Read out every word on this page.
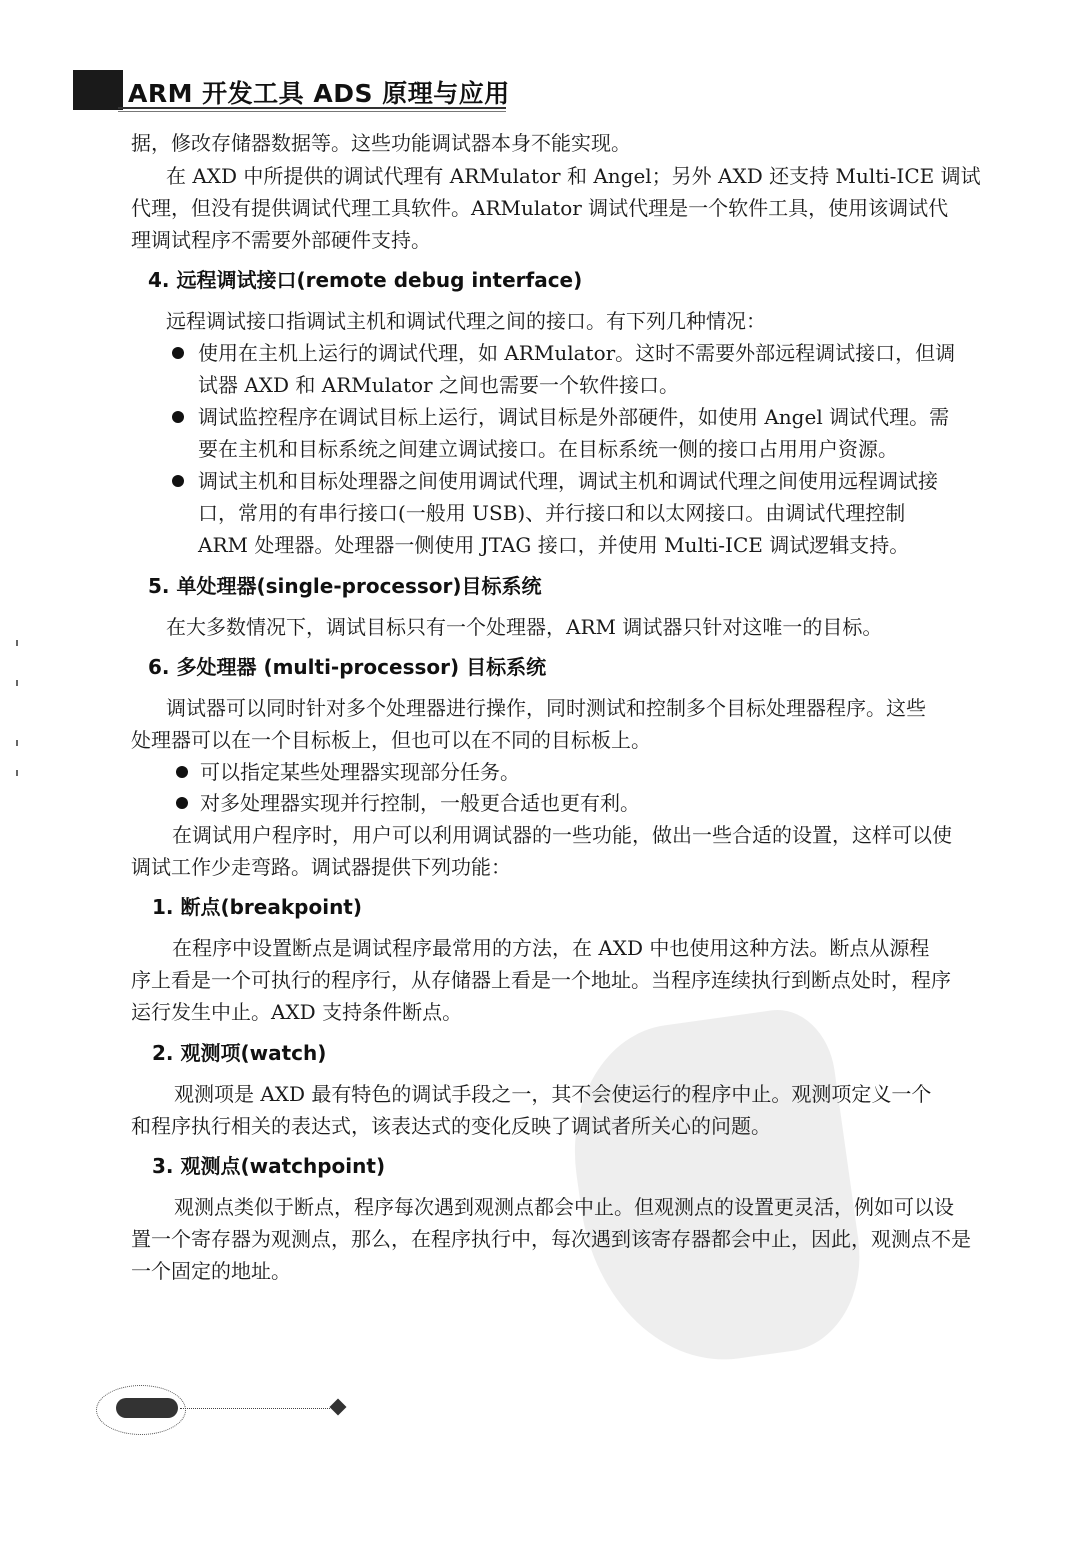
ARM 开发工具 ADS 原理与应用
据，修改存储器数据等。这些功能调试器本身不能实现。
在 AXD 中所提供的调试代理有 ARMulator 和 Angel；另外 AXD 还支持 Multi-ICE 调试
代理，但没有提供调试代理工具软件。ARMulator 调试代理是一个软件工具，使用该调试代
理调试程序不需要外部硬件支持。
4. 远程调试接口(remote debug interface)
远程调试接口指调试主机和调试代理之间的接口。有下列几种情况：
使用在主机上运行的调试代理，如 ARMulator。这时不需要外部远程调试接口，但调
试器 AXD 和 ARMulator 之间也需要一个软件接口。
调试监控程序在调试目标上运行，调试目标是外部硬件，如使用 Angel 调试代理。需
要在主机和目标系统之间建立调试接口。在目标系统一侧的接口占用用户资源。
调试主机和目标处理器之间使用调试代理，调试主机和调试代理之间使用远程调试接
口，常用的有串行接口(一般用 USB)、并行接口和以太网接口。由调试代理控制
ARM 处理器。处理器一侧使用 JTAG 接口，并使用 Multi-ICE 调试逻辑支持。
5. 单处理器(single-processor)目标系统
在大多数情况下，调试目标只有一个处理器，ARM 调试器只针对这唯一的目标。
6. 多处理器 (multi-processor) 目标系统
调试器可以同时针对多个处理器进行操作，同时测试和控制多个目标处理器程序。这些
处理器可以在一个目标板上，但也可以在不同的目标板上。
可以指定某些处理器实现部分任务。
对多处理器实现并行控制，一般更合适也更有利。
在调试用户程序时，用户可以利用调试器的一些功能，做出一些合适的设置，这样可以使
调试工作少走弯路。调试器提供下列功能：
1. 断点(breakpoint)
在程序中设置断点是调试程序最常用的方法，在 AXD 中也使用这种方法。断点从源程
序上看是一个可执行的程序行，从存储器上看是一个地址。当程序连续执行到断点处时，程序
运行发生中止。AXD 支持条件断点。
2. 观测项(watch)
观测项是 AXD 最有特色的调试手段之一，其不会使运行的程序中止。观测项定义一个
和程序执行相关的表达式，该表达式的变化反映了调试者所关心的问题。
3. 观测点(watchpoint)
观测点类似于断点，程序每次遇到观测点都会中止。但观测点的设置更灵活，例如可以设
置一个寄存器为观测点，那么，在程序执行中，每次遇到该寄存器都会中止，因此，观测点不是
一个固定的地址。
